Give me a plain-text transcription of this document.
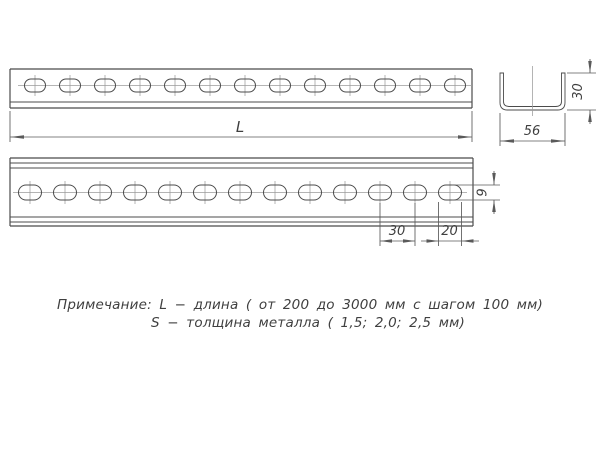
L
30
56
9
30	20
Примечание: L − длина ( от 200 до 3000 мм с шагом 100 мм)
S − толщина металла ( 1,5; 2,0; 2,5 мм)
